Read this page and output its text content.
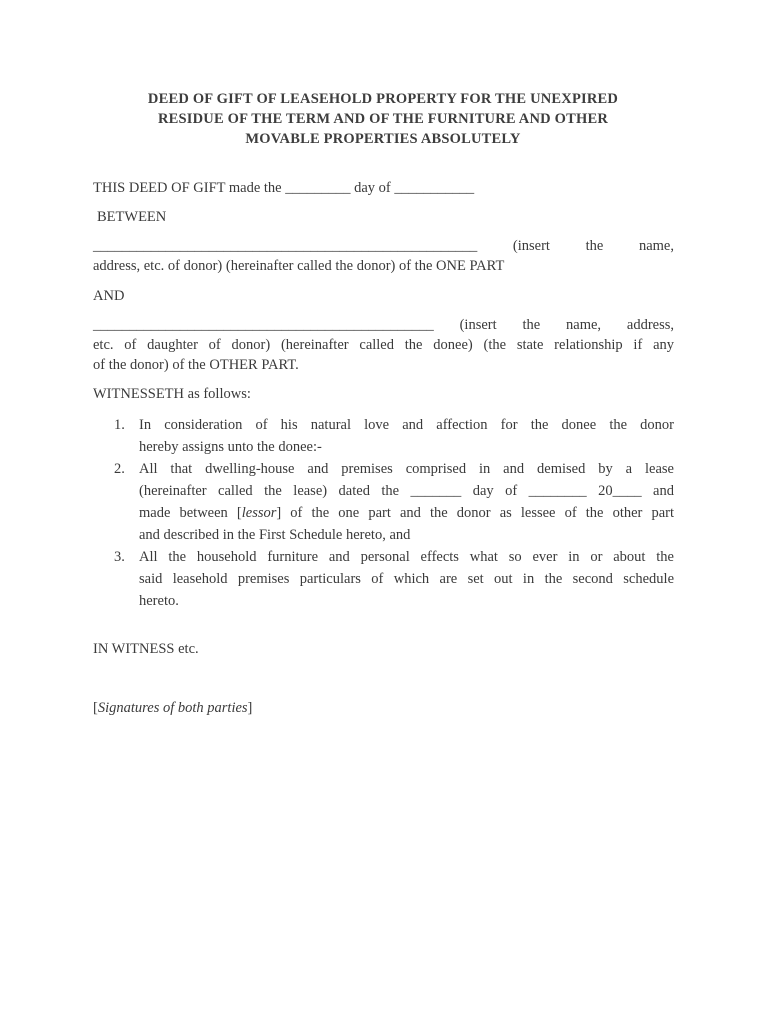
DEED OF GIFT OF LEASEHOLD PROPERTY FOR THE UNEXPIRED
RESIDUE OF THE TERM AND OF THE FURNITURE AND OTHER
MOVABLE PROPERTIES ABSOLUTELY
THIS DEED OF GIFT made the _________ day of ___________
BETWEEN
_____________________________________________________ (insert the name,
address, etc. of donor) (hereinafter called the donor) of the ONE PART
AND
_______________________________________________ (insert the name, address,
etc. of daughter of donor) (hereinafter called the donee) (the state relationship if any
of the donor) of the OTHER PART.
WITNESSETH as follows:
1. In consideration of his natural love and affection for the donee the donor
hereby assigns unto the donee:-
2. All that dwelling-house and premises comprised in and demised by a lease
(hereinafter called the lease) dated the _______ day of ________ 20____ and
made between [lessor] of the one part and the donor as lessee of the other part
and described in the First Schedule hereto, and
3. All the household furniture and personal effects what so ever in or about the
said leasehold premises particulars of which are set out in the second schedule
hereto.
IN WITNESS etc.
[Signatures of both parties]
